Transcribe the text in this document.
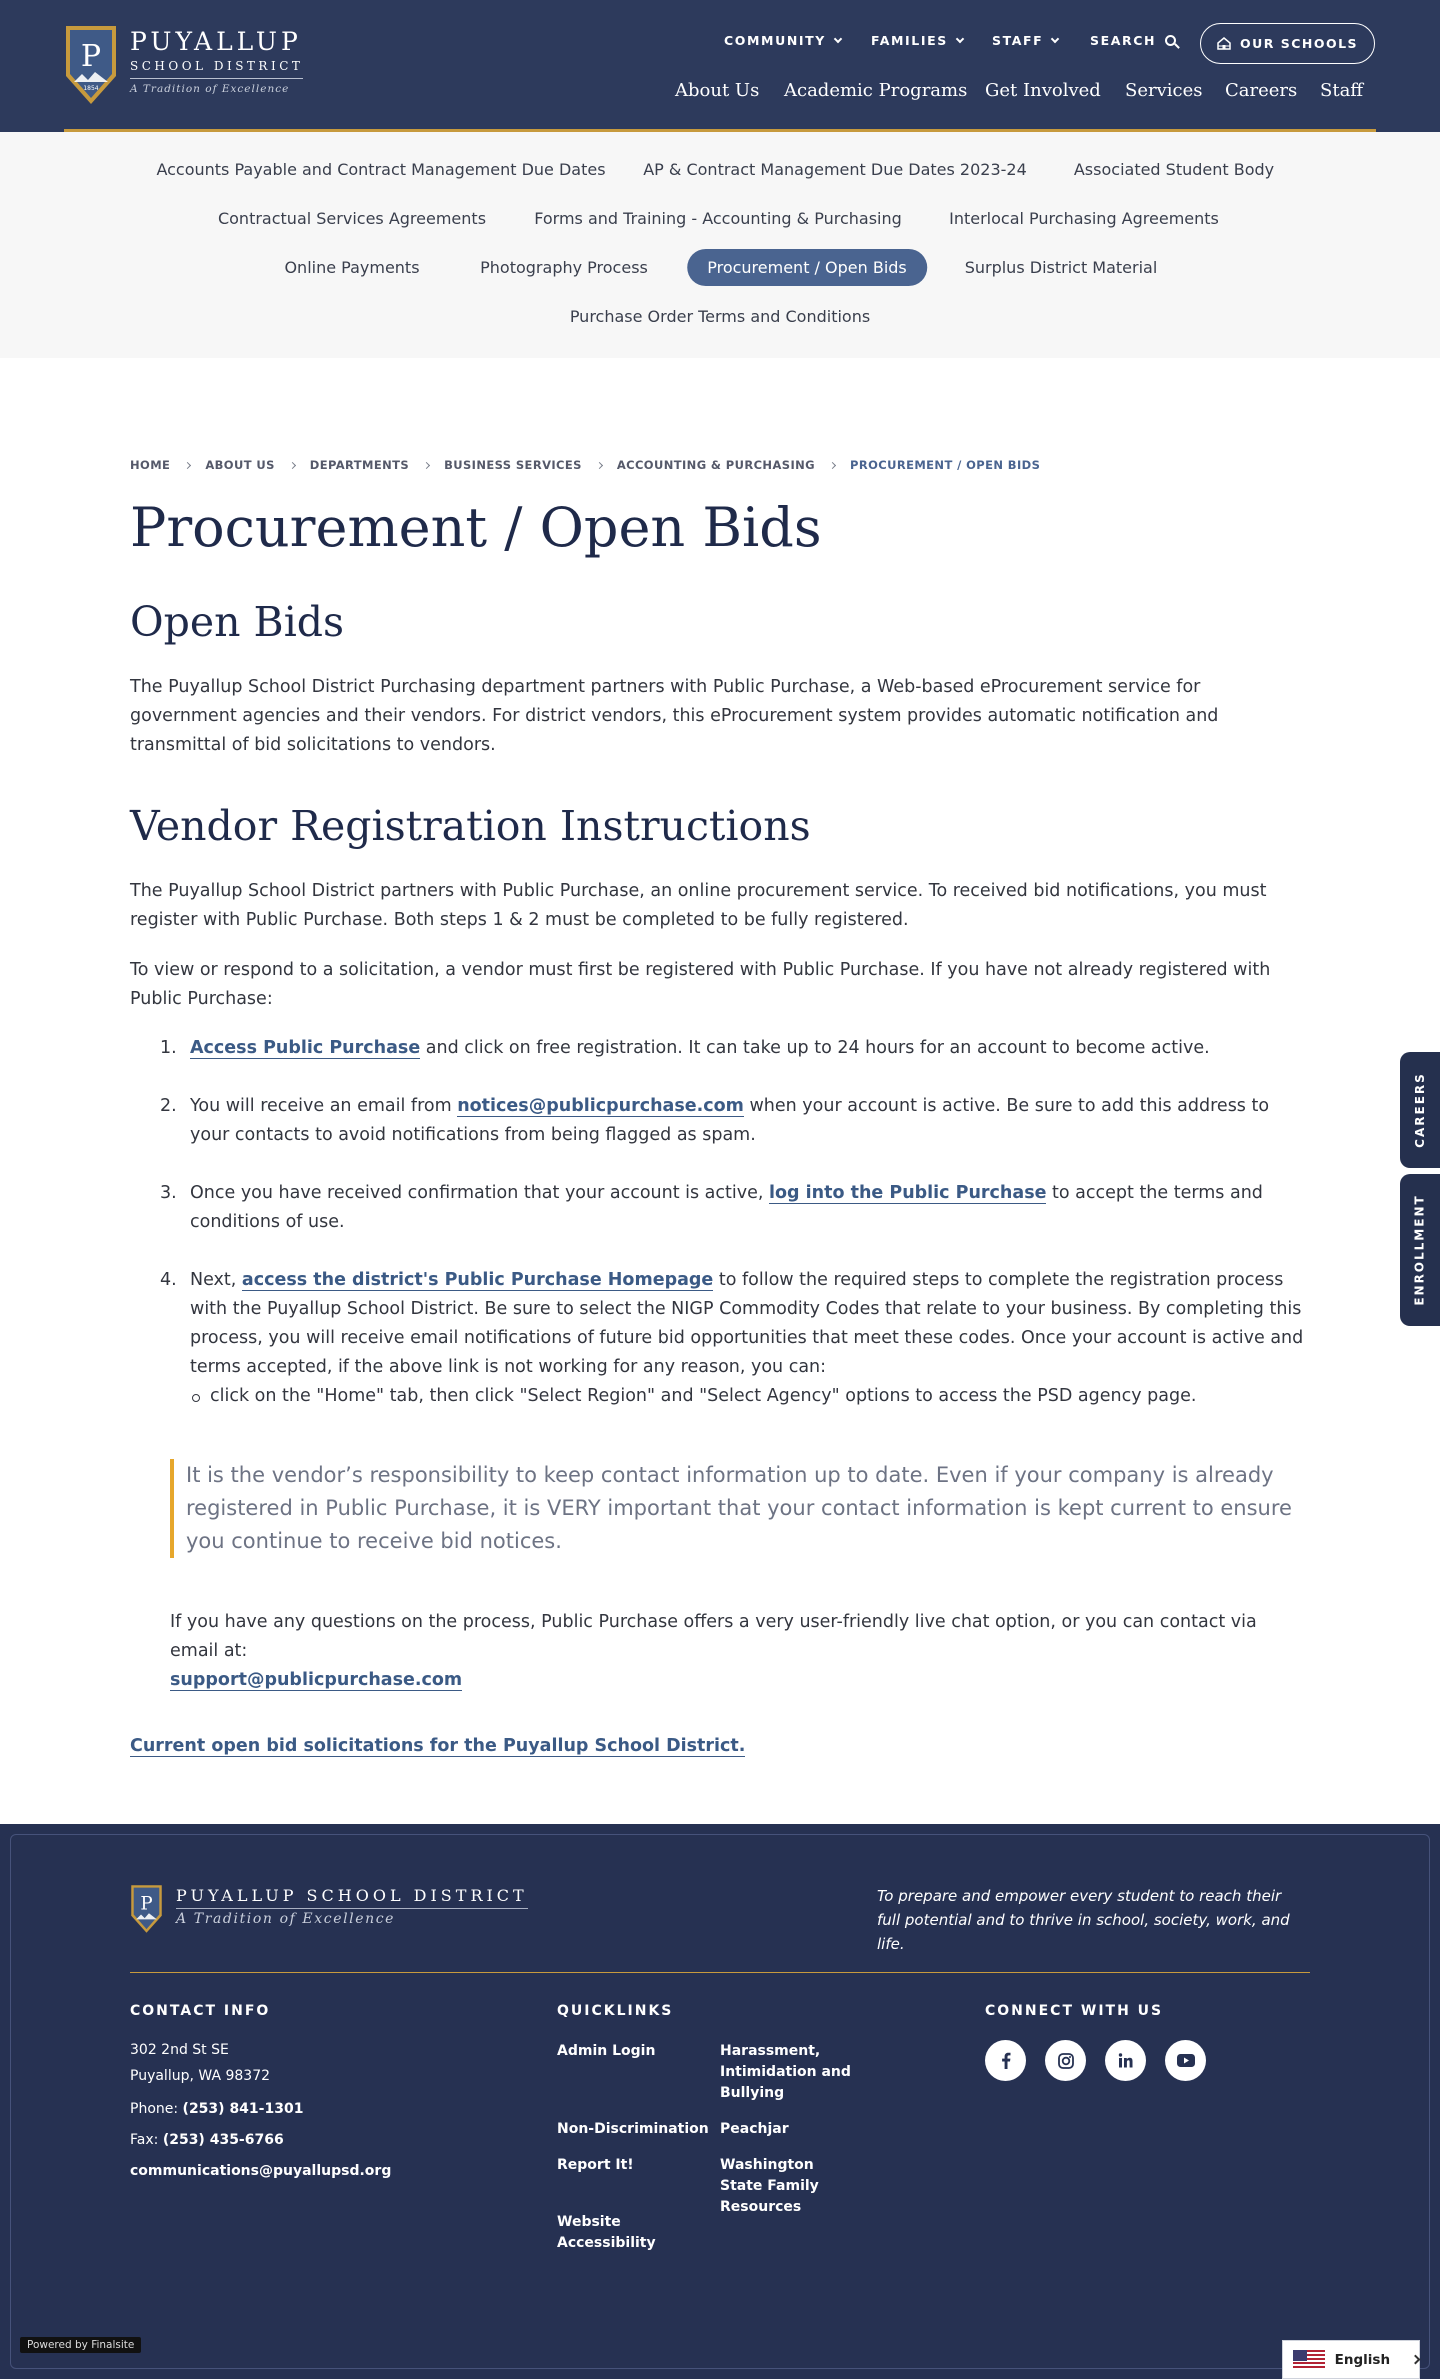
P
1854
PUYALLUP
SCHOOL DISTRICT
A Tradition of Excellence
COMMUNITY	FAMILIES	STAFF	SEARCH	OUR SCHOOLS
About Us Academic Programs Get Involved Services Careers Staff
Accounts Payable and Contract Management Due Dates AP & Contract Management Due Dates 2023-24	Associated Student Body
Contractual Services Agreements	Forms and Training - Accounting & Purchasing	Interlocal Purchasing Agreements
Online Payments	Photography Process	Procurement / Open Bids	Surplus District Material
Purchase Order Terms and Conditions
HOME	ABOUT US	DEPARTMENTS	BUSINESS SERVICES	ACCOUNTING & PURCHASING	PROCUREMENT / OPEN BIDS
Procurement / Open Bids
Open Bids

The Puyallup School District Purchasing department partners with Public Purchase, a Web-based eProcurement service for government agencies and their vendors. For district vendors, this eProcurement system provides automatic notification and transmittal of bid solicitations to vendors.

Vendor Registration Instructions

The Puyallup School District partners with Public Purchase, an online procurement service. To received bid notifications, you must register with Public Purchase. Both steps 1 & 2 must be completed to be fully registered.

To view or respond to a solicitation, a vendor must first be registered with Public Purchase. If you have not already registered with Public Purchase:

1. Access Public Purchase and click on free registration. It can take up to 24 hours for an account to become active.
2. You will receive an email from notices@publicpurchase.com when your account is active. Be sure to add this address to your contacts to avoid notifications from being flagged as spam.
3. Once you have received confirmation that your account is active, log into the Public Purchase to accept the terms and conditions of use.
4. Next, access the district's Public Purchase Homepage to follow the required steps to complete the registration process with the Puyallup School District. Be sure to select the NIGP Commodity Codes that relate to your business. By completing this process, you will receive email notifications of future bid opportunities that meet these codes. Once your account is active and terms accepted, if the above link is not working for any reason, you can:
click on the "Home" tab, then click "Select Region" and "Select Agency" options to access the PSD agency page.
It is the vendor’s responsibility to keep contact information up to date. Even if your company is already registered in Public Purchase, it is VERY important that your contact information is kept current to ensure you continue to receive bid notices.

If you have any questions on the process, Public Purchase offers a very user-friendly live chat option, or you can contact via email at:
support@publicpurchase.com

Current open bid solicitations for the Puyallup School District.
CAREERS
ENROLLMENT
P PUYALLUP SCHOOL DISTRICT
A Tradition of Excellence

To prepare and empower every student to reach their full potential and to thrive in school, society, work, and life.

CONTACT INFO
302 2nd St SE
Puyallup, WA 98372
Phone: (253) 841-1301
Fax: (253) 435-6766
communications@puyallupsd.org
QUICKLINKS
Admin Login	Harassment, Intimidation and Bullying
Non-Discrimination Peachjar
Report It!	Washington State Family Resources
Website Accessibility
CONNECT WITH US
Powered by Finalsite
English
